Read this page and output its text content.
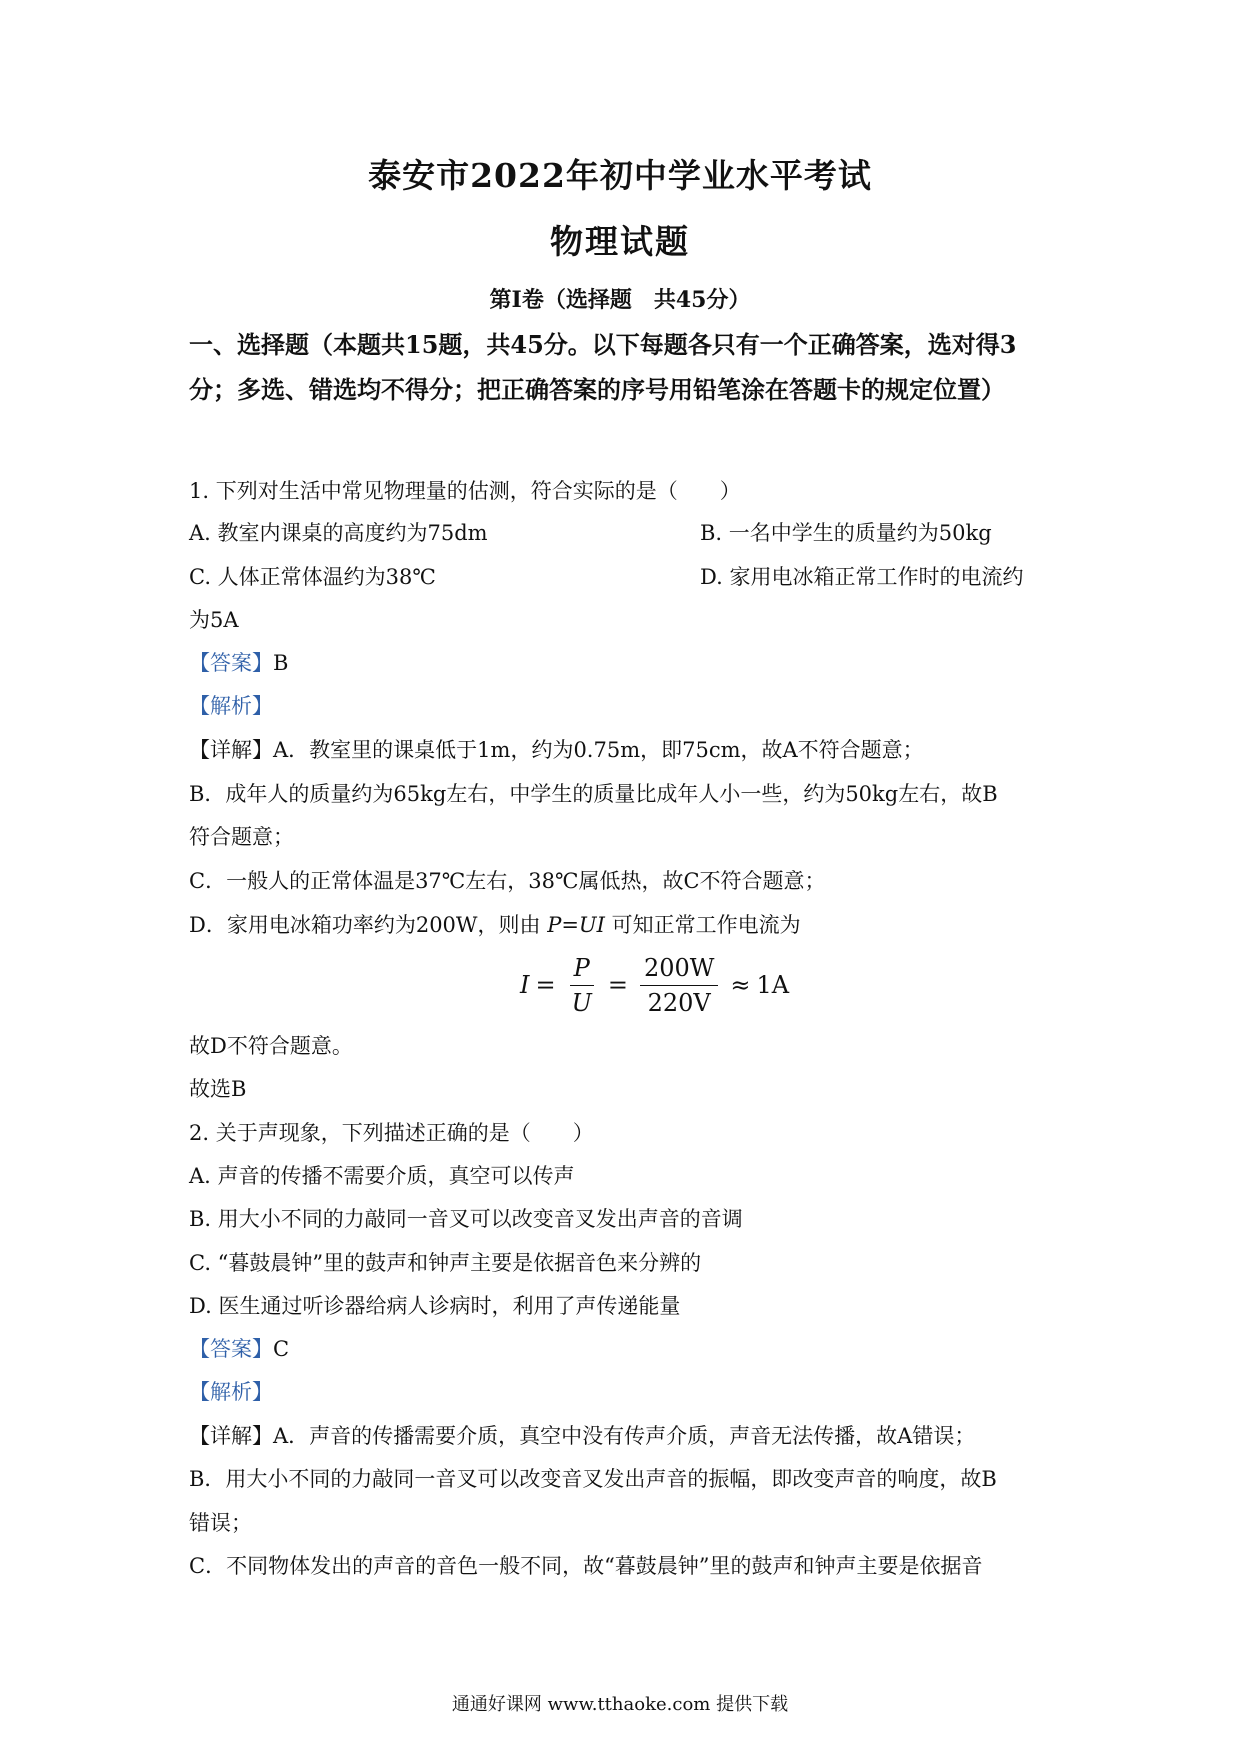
泰安市2022年初中学业水平考试
物理试题
第Ⅰ卷（选择题　共45分）
一、选择题（本题共15题，共45分。以下每题各只有一个正确答案，选对得3分；多选、错选均不得分；把正确答案的序号用铅笔涂在答题卡的规定位置）
1. 下列对生活中常见物理量的估测，符合实际的是（　　）
A. 教室内课桌的高度约为75dm	B. 一名中学生的质量约为50kg
C. 人体正常体温约为38℃	D. 家用电冰箱正常工作时的电流约
为5A
【答案】B
【解析】
【详解】A．教室里的课桌低于1m，约为0.75m，即75cm，故A不符合题意；
B．成年人的质量约为65kg左右，中学生的质量比成年人小一些，约为50kg左右，故B
符合题意；
C．一般人的正常体温是37℃左右，38℃属低热，故C不符合题意；
D．家用电冰箱功率约为200W，则由 P=UI 可知正常工作电流为
$I = \frac{P}{U} = \frac{200W}{220V} \approx 1A$
故D不符合题意。
故选B
2. 关于声现象，下列描述正确的是（　　）
A. 声音的传播不需要介质，真空可以传声
B. 用大小不同的力敲同一音叉可以改变音叉发出声音的音调
C. “暮鼓晨钟”里的鼓声和钟声主要是依据音色来分辨的
D. 医生通过听诊器给病人诊病时，利用了声传递能量
【答案】C
【解析】
【详解】A．声音的传播需要介质，真空中没有传声介质，声音无法传播，故A错误；
B．用大小不同的力敲同一音叉可以改变音叉发出声音的振幅，即改变声音的响度，故B
错误；
C．不同物体发出的声音的音色一般不同，故“暮鼓晨钟”里的鼓声和钟声主要是依据音
通通好课网 www.tthaoke.com 提供下载
